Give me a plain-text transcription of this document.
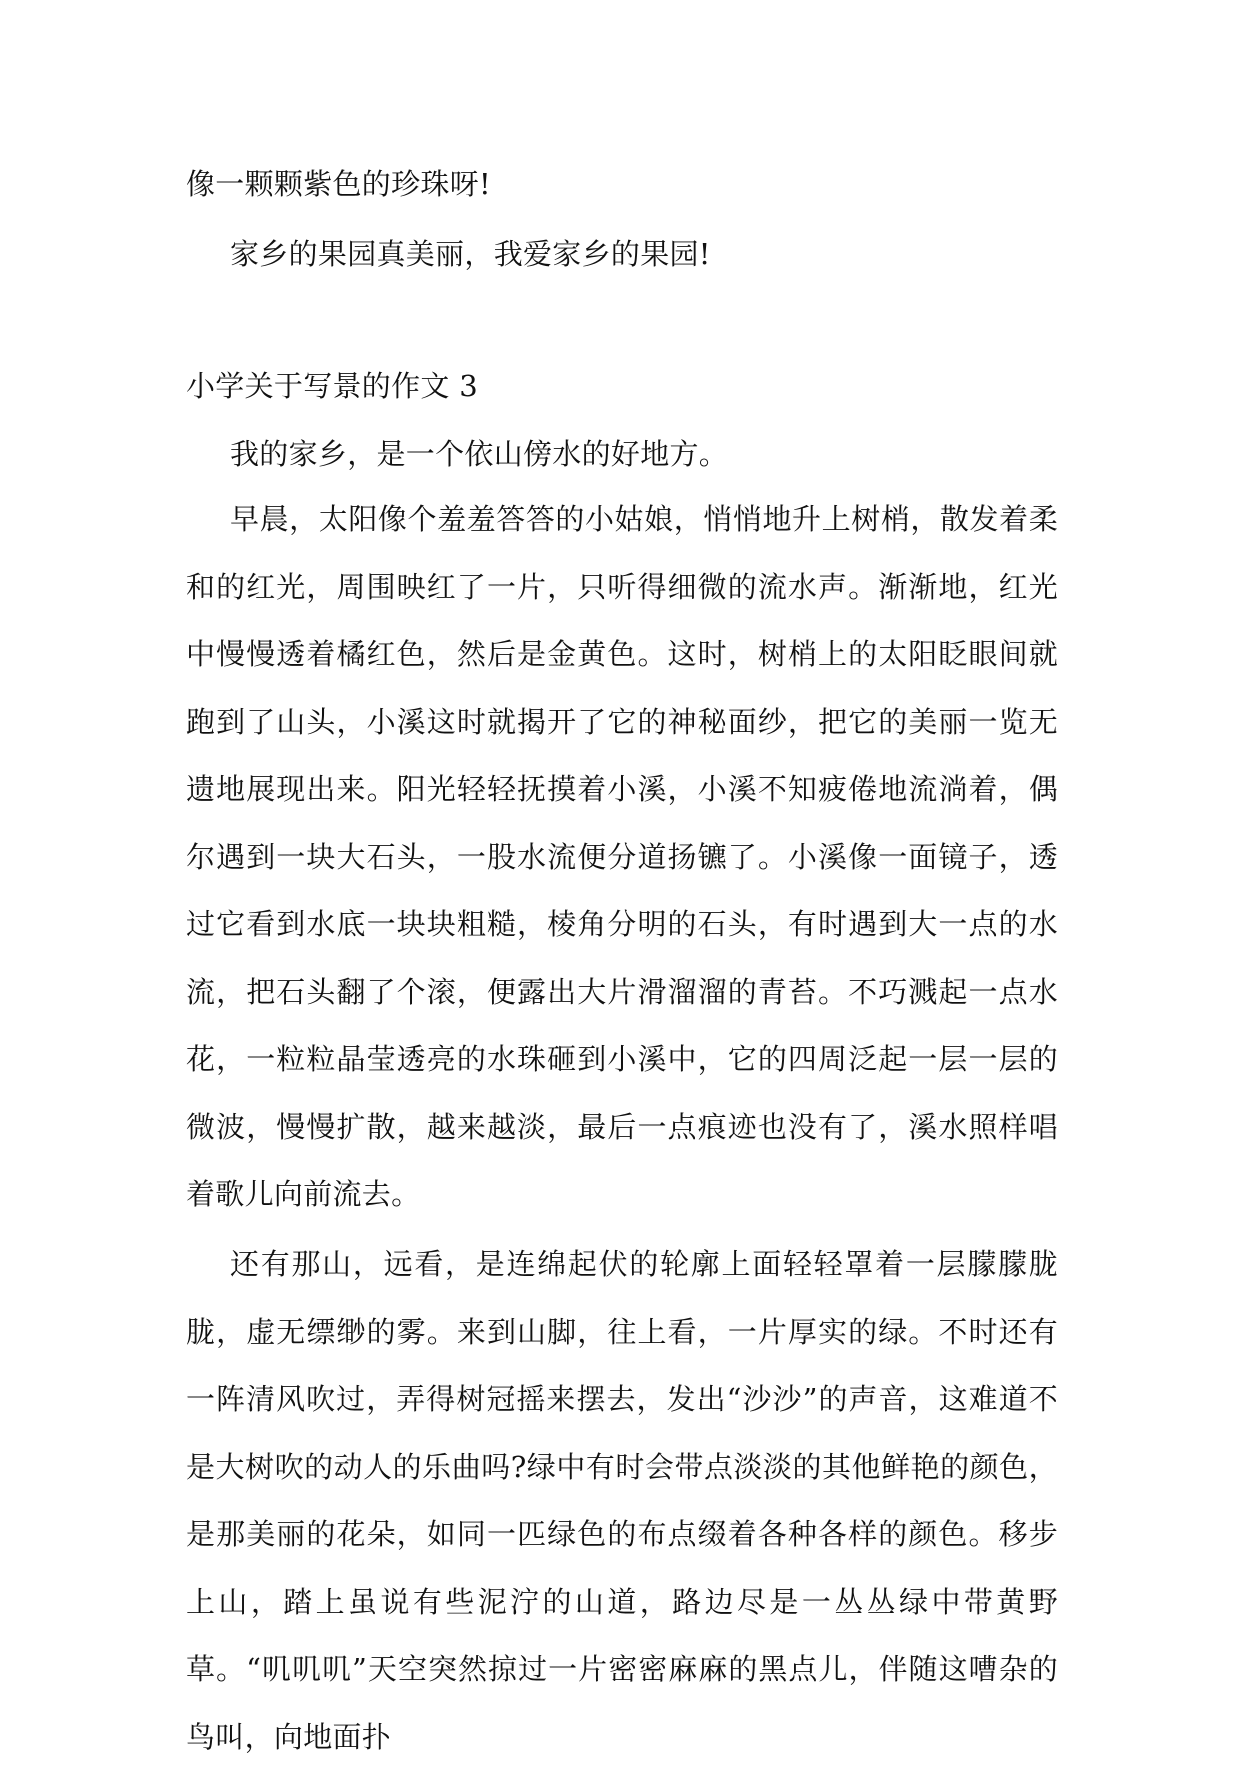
像一颗颗紫色的珍珠呀!

家乡的果园真美丽，我爱家乡的果园!

小学关于写景的作文 3

我的家乡，是一个依山傍水的好地方。

早晨，太阳像个羞羞答答的小姑娘，悄悄地升上树梢，散发着柔和的红光，周围映红了一片，只听得细微的流水声。渐渐地，红光中慢慢透着橘红色，然后是金黄色。这时，树梢上的太阳眨眼间就跑到了山头，小溪这时就揭开了它的神秘面纱，把它的美丽一览无遗地展现出来。阳光轻轻抚摸着小溪，小溪不知疲倦地流淌着，偶尔遇到一块大石头，一股水流便分道扬镳了。小溪像一面镜子，透过它看到水底一块块粗糙，棱角分明的石头，有时遇到大一点的水流，把石头翻了个滚，便露出大片滑溜溜的青苔。不巧溅起一点水花，一粒粒晶莹透亮的水珠砸到小溪中，它的四周泛起一层一层的微波，慢慢扩散，越来越淡，最后一点痕迹也没有了，溪水照样唱着歌儿向前流去。

还有那山，远看，是连绵起伏的轮廓上面轻轻罩着一层朦朦胧胧，虚无缥缈的雾。来到山脚，往上看，一片厚实的绿。不时还有一阵清风吹过，弄得树冠摇来摆去，发出“沙沙”的声音，这难道不是大树吹的动人的乐曲吗?绿中有时会带点淡淡的其他鲜艳的颜色，是那美丽的花朵，如同一匹绿色的布点缀着各种各样的颜色。移步上山，踏上虽说有些泥泞的山道，路边尽是一丛丛绿中带黄野草。“叽叽叽”天空突然掠过一片密密麻麻的黑点儿，伴随这嘈杂的鸟叫，向地面扑
